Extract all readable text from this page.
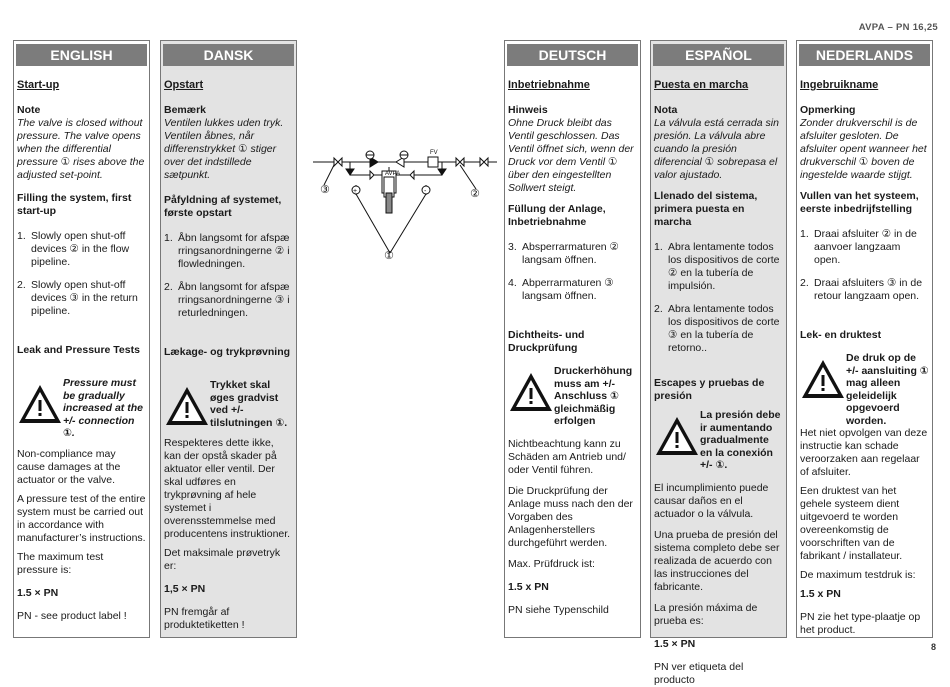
AVPA – PN 16,25
8
ENGLISH
Start-up

Note

The valve is closed without pressure. The valve opens when the differential pressure ① rises above the adjusted set-point.

Filling the system, first start-up

1. Slowly open shut-off devices ② in the flow pipeline.
2. Slowly open shut-off devices ③ in the return pipeline.

Leak and Pressure Tests

Pressure must be gradually increased at the +/- connection ①.

Non-compliance may cause damages at the actuator or the valve.

A pressure test of the entire system must be carried out in accordance with manufacturer’s instructions.

The maximum test pressure is:

1.5 × PN

PN - see product label !

DANSK
Opstart

Bemærk

Ventilen lukkes uden tryk. Ventilen åbnes, når differenstrykket ① stiger over det indstillede sætpunkt.

Påfyldning af systemet, første opstart

1. Åbn langsomt for afspæ rringsanordningerne ② i flowledningen.
2. Åbn langsomt for afspæ rringsanordningerne ③ i returledningen.

Lækage- og trykprøvning

Trykket skal øges gradvist ved +/- tilslutningen ①.

Respekteres dette ikke, kan der opstå skader på aktuator eller ventil. Der skal udføres en trykprøvning af hele systemet i overensstemmelse med producentens instruktioner.

Det maksimale prøvetryk er:

1,5 × PN

PN fremgår af produktetiketten !

AVPA
FV
③	②
①
+	-
DEUTSCH
Inbetriebnahme

Hinweis

Ohne Druck bleibt das Ventil geschlossen. Das Ventil öffnet sich, wenn der Druck vor dem Ventil ① über den eingestellten Sollwert steigt.

Füllung der Anlage, Inbetriebnahme

3. Absperrarmaturen ② langsam öffnen.
4. Abperrarmaturen ③ langsam öffnen.

Dichtheits- und Druckprüfung

Druckerhöhung muss am +/- Anschluss ① gleichmäßig erfolgen

Nichtbeachtung kann zu Schäden am Antrieb und/ oder Ventil führen.

Die Druckprüfung der Anlage muss nach den der Vorgaben des Anlagenherstellers durchgeführt werden.

Max. Prüfdruck ist:

1.5 x PN

PN siehe Typenschild

ESPAÑOL
Puesta en marcha

Nota

La válvula está cerrada sin presión. La válvula abre cuando la presión diferencial ① sobrepasa el valor ajustado.

Llenado del sistema, primera puesta en marcha

1. Abra lentamente todos los dispositivos de corte ② en la tubería de impulsión.
2. Abra lentamente todos los dispositivos de corte ③ en la tubería de retorno..

Escapes y pruebas de presión

La presión debe ir aumentando gradualmente en la conexión +/- ①.

El incumplimiento puede causar daños en el actuador o la válvula.

Una prueba de presión del sistema completo debe ser realizada de acuerdo con las instrucciones del fabricante.

La presión máxima de prueba es:

1.5 × PN

PN ver etiqueta del producto

NEDERLANDS
Ingebruikname

Opmerking

Zonder drukverschil is de afsluiter gesloten. De afsluiter opent wanneer het drukverschil ① boven de ingestelde waarde stijgt.

Vullen van het systeem, eerste inbedrijfstelling

1. Draai afsluiter ② in de aanvoer langzaam open.
2. Draai afsluiters ③ in de retour langzaam open.

Lek- en druktest

De druk op de +/- aansluiting ① mag alleen geleidelijk opgevoerd worden.

Het niet opvolgen van deze instructie kan schade veroorzaken aan regelaar of afsluiter.

Een druktest van het gehele systeem dient uitgevoerd te worden overeenkomstig de voorschriften van de fabrikant / installateur.

De maximum testdruk is:

1.5 x PN

PN zie het type-plaatje op het product.
